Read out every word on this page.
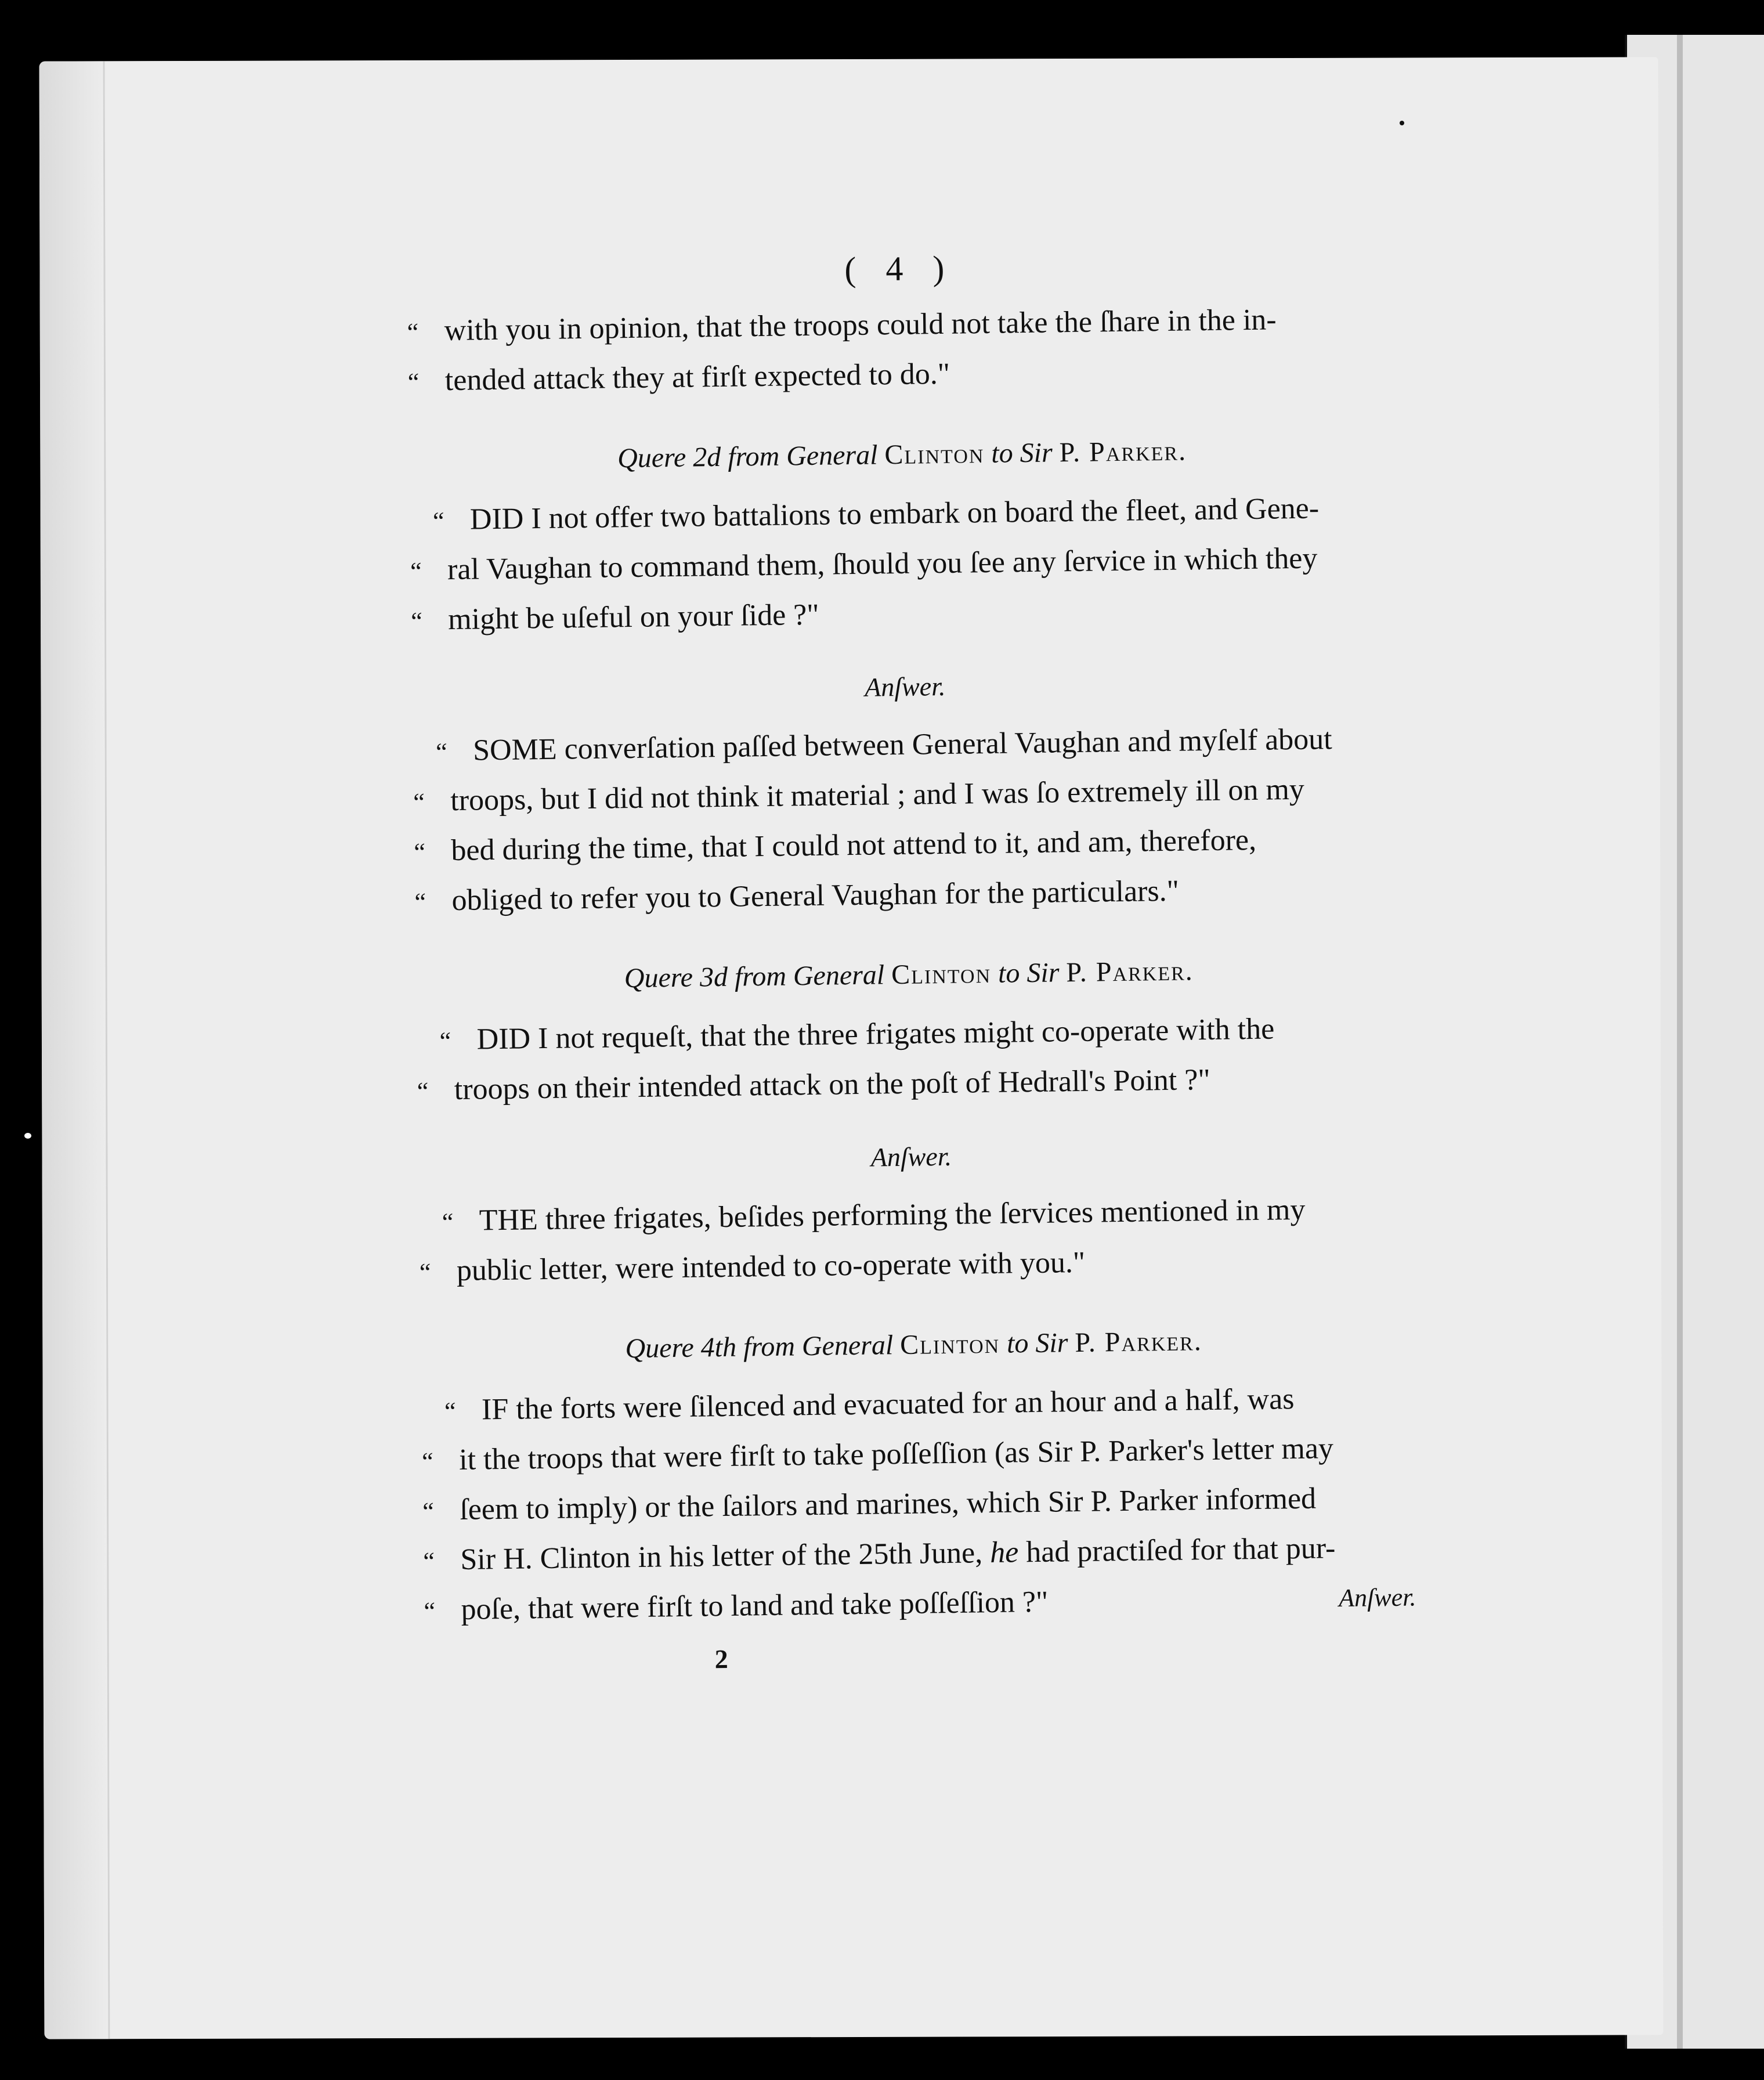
( 4 )
“ with you in opinion, that the troops could not take the ſhare in the in-
“ tended attack they at firſt expected to do."
Quere 2d from General Clinton to Sir P. Parker.
“ DID I not offer two battalions to embark on board the fleet, and Gene-
“ ral Vaughan to command them, ſhould you ſee any ſervice in which they
“ might be uſeful on your ſide ?"
Anſwer.
“ SOME converſation paſſed between General Vaughan and myſelf about
“ troops, but I did not think it material ; and I was ſo extremely ill on my
“ bed during the time, that I could not attend to it, and am, therefore,
“ obliged to refer you to General Vaughan for the particulars."
Quere 3d from General Clinton to Sir P. Parker.
“ DID I not requeſt, that the three frigates might co-operate with the
“ troops on their intended attack on the poſt of Hedrall's Point ?"
Anſwer.
“ THE three frigates, beſides performing the ſervices mentioned in my
“ public letter, were intended to co-operate with you."
Quere 4th from General Clinton to Sir P. Parker.
“ IF the forts were ſilenced and evacuated for an hour and a half, was
“ it the troops that were firſt to take poſſeſſion (as Sir P. Parker's letter may
“ ſeem to imply) or the ſailors and marines, which Sir P. Parker informed
“ Sir H. Clinton in his letter of the 25th June, he had practiſed for that pur-
“ poſe, that were firſt to land and take poſſeſſion ?"	Anſwer.
2
